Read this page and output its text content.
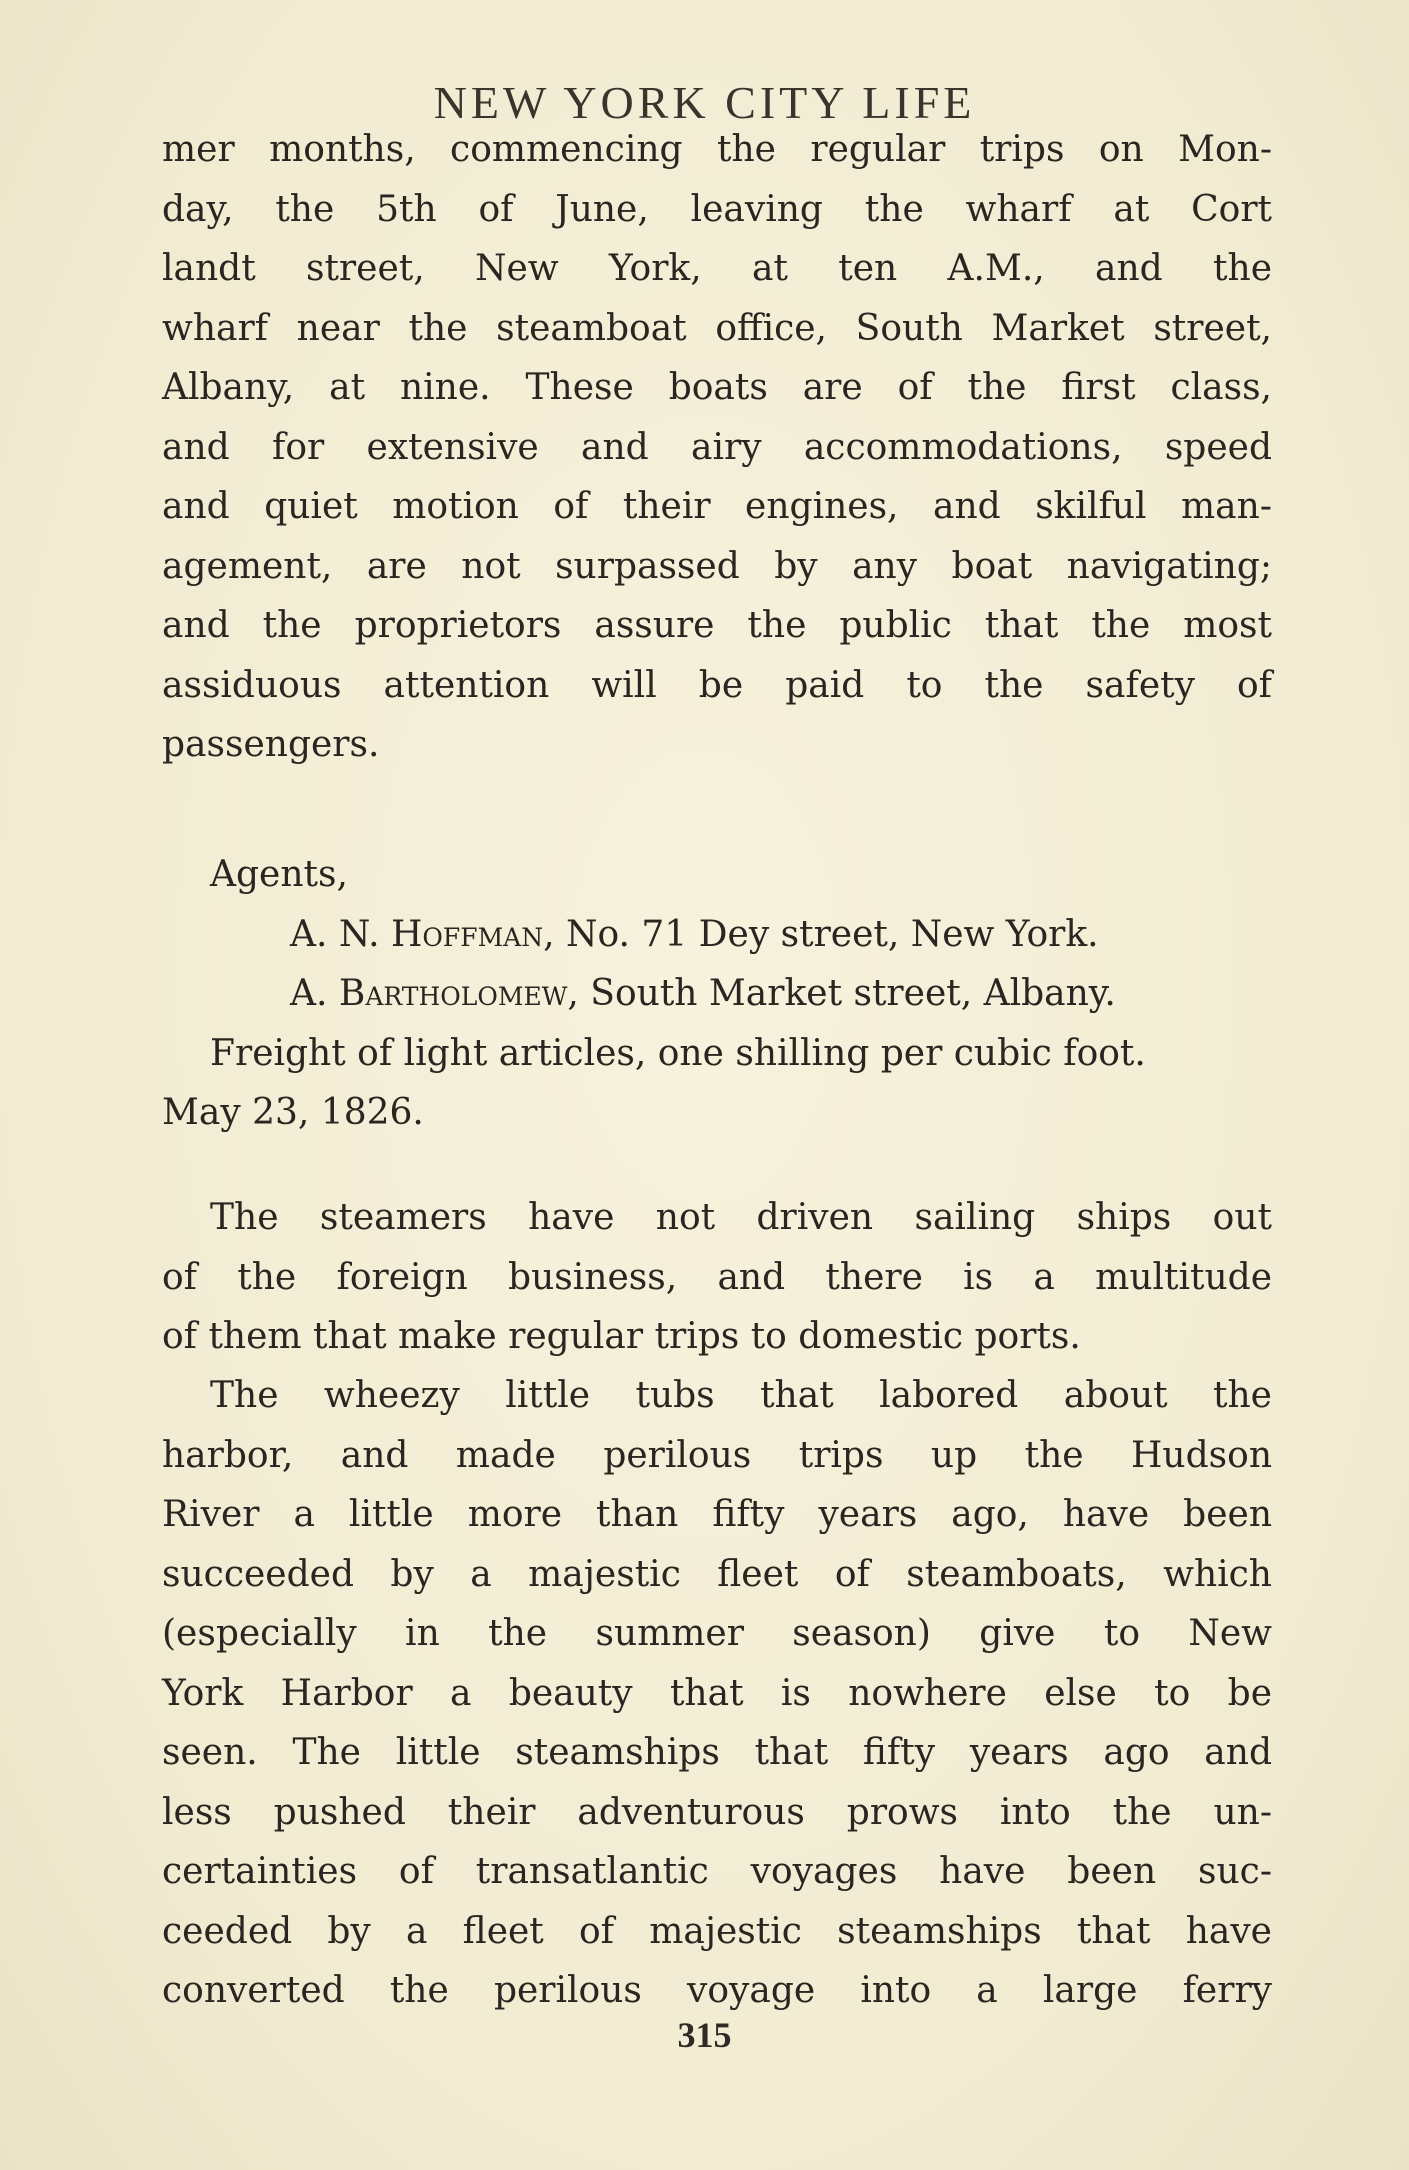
NEW YORK CITY LIFE
mer months, commencing the regular trips on Mon-
day, the 5th of June, leaving the wharf at Cort
landt street, New York, at ten A.M., and the
wharf near the steamboat office, South Market street,
Albany, at nine. These boats are of the first class,
and for extensive and airy accommodations, speed
and quiet motion of their engines, and skilful man-
agement, are not surpassed by any boat navigating;
and the proprietors assure the public that the most
assiduous attention will be paid to the safety of
passengers.
Agents,
A. N. Hoffman, No. 71 Dey street, New York.
A. Bartholomew, South Market street, Albany.
Freight of light articles, one shilling per cubic foot.
May 23, 1826.
The steamers have not driven sailing ships out
of the foreign business, and there is a multitude
of them that make regular trips to domestic ports.
The wheezy little tubs that labored about the
harbor, and made perilous trips up the Hudson
River a little more than fifty years ago, have been
succeeded by a majestic fleet of steamboats, which
(especially in the summer season) give to New
York Harbor a beauty that is nowhere else to be
seen. The little steamships that fifty years ago and
less pushed their adventurous prows into the un-
certainties of transatlantic voyages have been suc-
ceeded by a fleet of majestic steamships that have
converted the perilous voyage into a large ferry
315
